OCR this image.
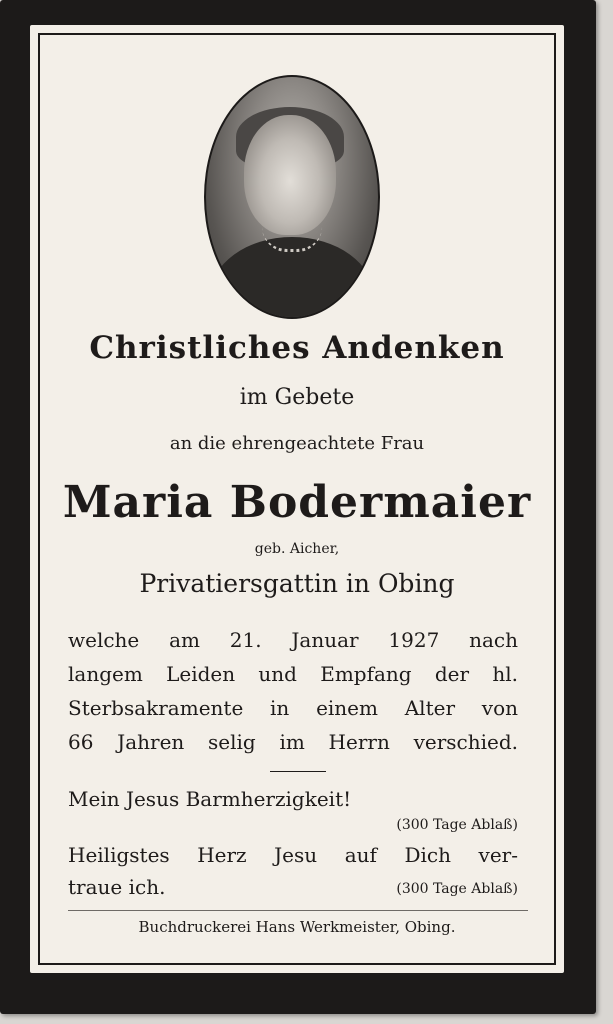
Christliches Andenken
im Gebete
an die ehrengeachtete Frau
Maria Bodermaier
geb. Aicher,
Privatiersgattin in Obing
welche am 21. Januar 1927 nach
langem Leiden und Empfang der hl.
Sterbsakramente in einem Alter von
66 Jahren selig im Herrn verschied.
Mein Jesus Barmherzigkeit!
(300 Tage Ablaß)
Heiligstes Herz Jesu auf Dich ver-
traue ich.	(300 Tage Ablaß)
Buchdruckerei Hans Werkmeister, Obing.
